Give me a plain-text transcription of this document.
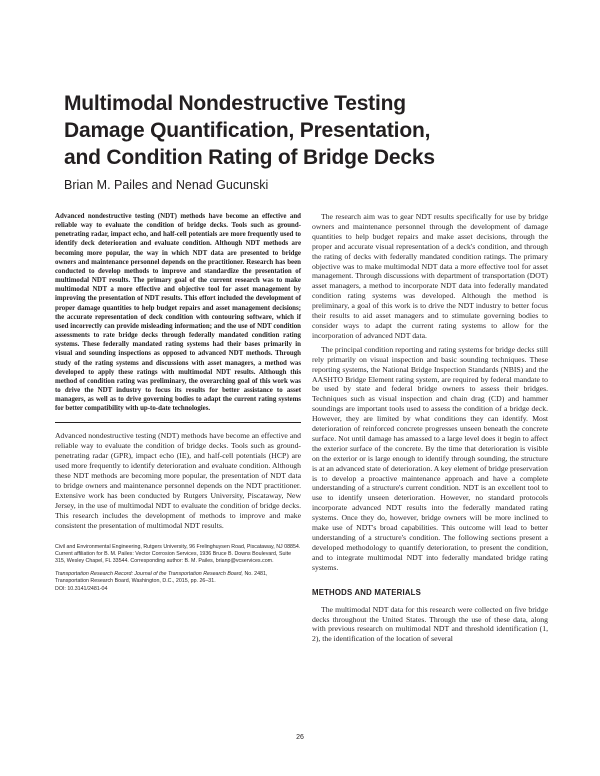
Multimodal Nondestructive Testing
Damage Quantification, Presentation,
and Condition Rating of Bridge Decks
Brian M. Pailes and Nenad Gucunski

Advanced nondestructive testing (NDT) methods have become an effective and reliable way to evaluate the condition of bridge decks. Tools such as ground-penetrating radar, impact echo, and half-cell potentials are more frequently used to identify deck deterioration and evaluate condition. Although NDT methods are becoming more popular, the way in which NDT data are presented to bridge owners and maintenance personnel depends on the practitioner. Research has been conducted to develop methods to improve and standardize the presentation of multimodal NDT results. The primary goal of the current research was to make multimodal NDT a more effective and objective tool for asset management by improving the presentation of NDT results. This effort included the development of proper damage quantities to help budget repairs and asset management decisions; the accurate representation of deck condition with contouring software, which if used incorrectly can provide misleading information; and the use of NDT condition assessments to rate bridge decks through federally mandated condition rating systems. These federally mandated rating systems had their bases primarily in visual and sounding inspections as opposed to advanced NDT methods. Through study of the rating systems and discussions with asset managers, a method was developed to apply these ratings with multimodal NDT results. Although this method of condition rating was preliminary, the overarching goal of this work was to drive the NDT industry to focus its results for better assistance to asset managers, as well as to drive governing bodies to adapt the current rating systems for better compatibility with up-to-date technologies.

Advanced nondestructive testing (NDT) methods have become an effective and reliable way to evaluate the condition of bridge decks. Tools such as ground-penetrating radar (GPR), impact echo (IE), and half-cell potentials (HCP) are used more frequently to identify deterioration and evaluate condition. Although these NDT methods are becoming more popular, the presentation of NDT data to bridge owners and maintenance personnel depends on the NDT practitioner. Extensive work has been conducted by Rutgers University, Piscataway, New Jersey, in the use of multimodal NDT to evaluate the condition of bridge decks. This research includes the development of methods to improve and make consistent the presentation of multimodal NDT results.

Civil and Environmental Engineering, Rutgers University, 96 Frelinghuysen Road, Piscataway, NJ 08854. Current affiliation for B. M. Pailes: Vector Corrosion Services, 1936 Bruce B. Downs Boulevard, Suite 315, Wesley Chapel, FL 33544. Corresponding author: B. M. Pailes, brianp@vcservices.com.

Transportation Research Record: Journal of the Transportation Research Board, No. 2481, Transportation Research Board, Washington, D.C., 2015, pp. 26–31.
DOI: 10.3141/2481-04

The research aim was to gear NDT results specifically for use by bridge owners and maintenance personnel through the development of damage quantities to help budget repairs and make asset decisions, through the proper and accurate visual representation of a deck's condition, and through the rating of decks with federally mandated condition ratings. The primary objective was to make multimodal NDT data a more effective tool for asset management. Through discussions with department of transportation (DOT) asset managers, a method to incorporate NDT data into federally mandated condition rating systems was developed. Although the method is preliminary, a goal of this work is to drive the NDT industry to better focus their results to aid asset managers and to stimulate governing bodies to consider ways to adapt the current rating systems to allow for the incorporation of advanced NDT data.

The principal condition reporting and rating systems for bridge decks still rely primarily on visual inspection and basic sounding techniques. These reporting systems, the National Bridge Inspection Standards (NBIS) and the AASHTO Bridge Element rating system, are required by federal mandate to be used by state and federal bridge owners to assess their bridges. Techniques such as visual inspection and chain drag (CD) and hammer soundings are important tools used to assess the condition of a bridge deck. However, they are limited by what conditions they can identify. Most deterioration of reinforced concrete progresses unseen beneath the concrete surface. Not until damage has amassed to a large level does it begin to affect the exterior surface of the concrete. By the time that deterioration is visible on the exterior or is large enough to identify through sounding, the structure is at an advanced state of deterioration. A key element of bridge preservation is to develop a proactive maintenance approach and have a complete understanding of a structure's current condition. NDT is an excellent tool to use to identify unseen deterioration. However, no standard protocols incorporate advanced NDT results into the federally mandated rating systems. Once they do, however, bridge owners will be more inclined to make use of NDT's broad capabilities. This outcome will lead to better understanding of a structure's condition. The following sections present a developed methodology to quantify deterioration, to present the condition, and to integrate multimodal NDT into federally mandated bridge rating systems.

METHODS AND MATERIALS

The multimodal NDT data for this research were collected on five bridge decks throughout the United States. Through the use of these data, along with previous research on multimodal NDT and threshold identification (1, 2), the identification of the location of several

26
